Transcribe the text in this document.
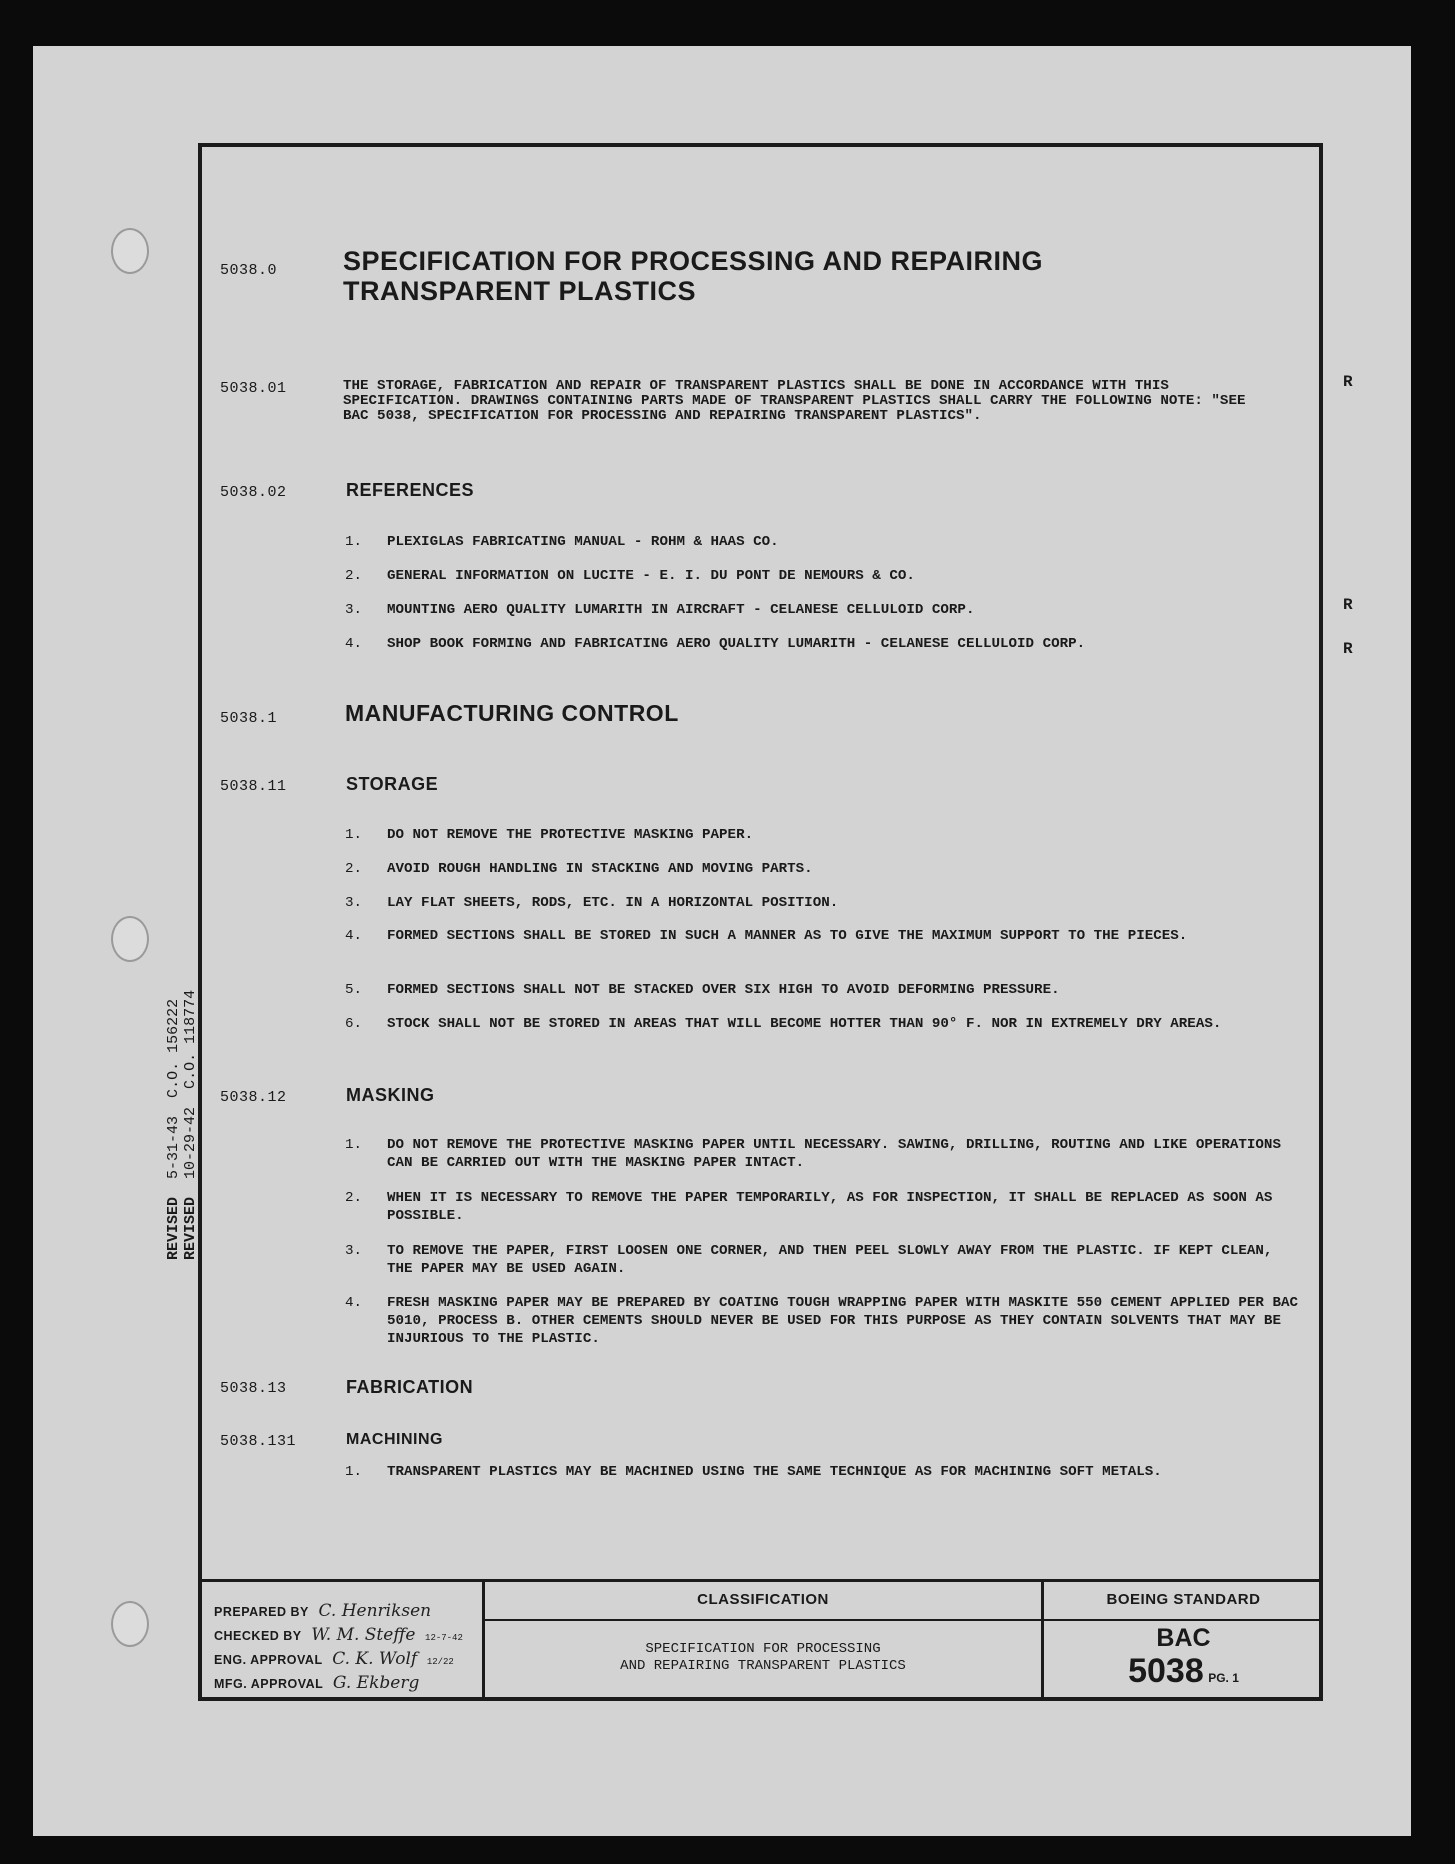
5038.0 SPECIFICATION FOR PROCESSING AND REPAIRING
TRANSPARENT PLASTICS
5038.01	THE STORAGE, FABRICATION AND REPAIR OF TRANSPARENT PLASTICS SHALL BE DONE IN ACCORDANCE WITH THIS SPECIFICATION. DRAWINGS CONTAINING PARTS MADE OF TRANSPARENT PLASTICS SHALL CARRY THE FOLLOWING NOTE: "SEE BAC 5038, SPECIFICATION FOR PROCESSING AND REPAIRING TRANSPARENT PLASTICS".
R
5038.02	REFERENCES
1. PLEXIGLAS FABRICATING MANUAL - ROHM & HAAS CO.
2. GENERAL INFORMATION ON LUCITE - E. I. DU PONT DE NEMOURS & CO.
3. MOUNTING AERO QUALITY LUMARITH IN AIRCRAFT - CELANESE CELLULOID CORP.
4. SHOP BOOK FORMING AND FABRICATING AERO QUALITY LUMARITH - CELANESE CELLULOID CORP.
R
R
5038.1	MANUFACTURING CONTROL
5038.11	STORAGE
1. DO NOT REMOVE THE PROTECTIVE MASKING PAPER.
2. AVOID ROUGH HANDLING IN STACKING AND MOVING PARTS.
3. LAY FLAT SHEETS, RODS, ETC. IN A HORIZONTAL POSITION.
4. FORMED SECTIONS SHALL BE STORED IN SUCH A MANNER AS TO GIVE THE MAXIMUM SUPPORT TO THE PIECES.
5. FORMED SECTIONS SHALL NOT BE STACKED OVER SIX HIGH TO AVOID DEFORMING PRESSURE.
6. STOCK SHALL NOT BE STORED IN AREAS THAT WILL BECOME HOTTER THAN 90° F. NOR IN EXTREMELY DRY AREAS.
5038.12	MASKING
1. DO NOT REMOVE THE PROTECTIVE MASKING PAPER UNTIL NECESSARY. SAWING, DRILLING, ROUTING AND LIKE OPERATIONS CAN BE CARRIED OUT WITH THE MASKING PAPER INTACT.
2. WHEN IT IS NECESSARY TO REMOVE THE PAPER TEMPORARILY, AS FOR INSPECTION, IT SHALL BE REPLACED AS SOON AS POSSIBLE.
3. TO REMOVE THE PAPER, FIRST LOOSEN ONE CORNER, AND THEN PEEL SLOWLY AWAY FROM THE PLASTIC. IF KEPT CLEAN, THE PAPER MAY BE USED AGAIN.
4. FRESH MASKING PAPER MAY BE PREPARED BY COATING TOUGH WRAPPING PAPER WITH MASKITE 550 CEMENT APPLIED PER BAC 5010, PROCESS B. OTHER CEMENTS SHOULD NEVER BE USED FOR THIS PURPOSE AS THEY CONTAIN SOLVENTS THAT MAY BE INJURIOUS TO THE PLASTIC.
5038.13	FABRICATION
5038.131	MACHINING
1. TRANSPARENT PLASTICS MAY BE MACHINED USING THE SAME TECHNIQUE AS FOR MACHINING SOFT METALS.
REVISED  5-31-43  C.O. 156222
REVISED  10-29-42  C.O. 118774
PREPARED BY C. Henriksen
CHECKED BY W. M. Steffe 12-7-42
ENG. APPROVAL C. K. Wolf 12/22
MFG. APPROVAL G. Ekberg
CLASSIFICATION
SPECIFICATION FOR PROCESSING
AND REPAIRING TRANSPARENT PLASTICS
BOEING STANDARD
BAC
5038 PG. 1
